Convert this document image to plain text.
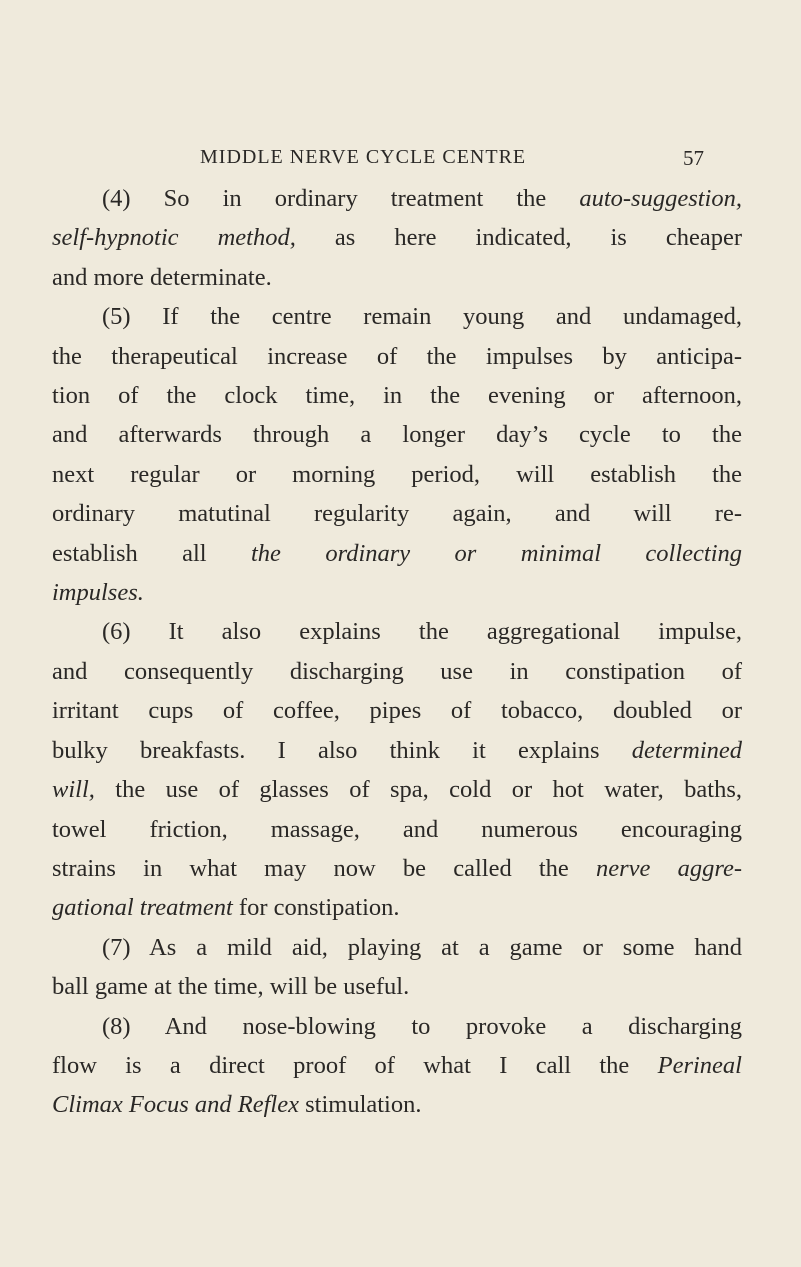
MIDDLE NERVE CYCLE CENTRE	57
(4) So in ordinary treatment the auto-suggestion,
self-hypnotic method, as here indicated, is cheaper
and more determinate.
(5) If the centre remain young and undamaged,
the therapeutical increase of the impulses by anticipa-
tion of the clock time, in the evening or afternoon,
and afterwards through a longer day’s cycle to the
next regular or morning period, will establish the
ordinary matutinal regularity again, and will re-
establish all the ordinary or minimal collecting
impulses.
(6) It also explains the aggregational impulse,
and consequently discharging use in constipation of
irritant cups of coffee, pipes of tobacco, doubled or
bulky breakfasts. I also think it explains determined
will, the use of glasses of spa, cold or hot water, baths,
towel friction, massage, and numerous encouraging
strains in what may now be called the nerve aggre-
gational treatment for constipation.
(7) As a mild aid, playing at a game or some hand
ball game at the time, will be useful.
(8) And nose-blowing to provoke a discharging
flow is a direct proof of what I call the Perineal
Climax Focus and Reflex stimulation.
